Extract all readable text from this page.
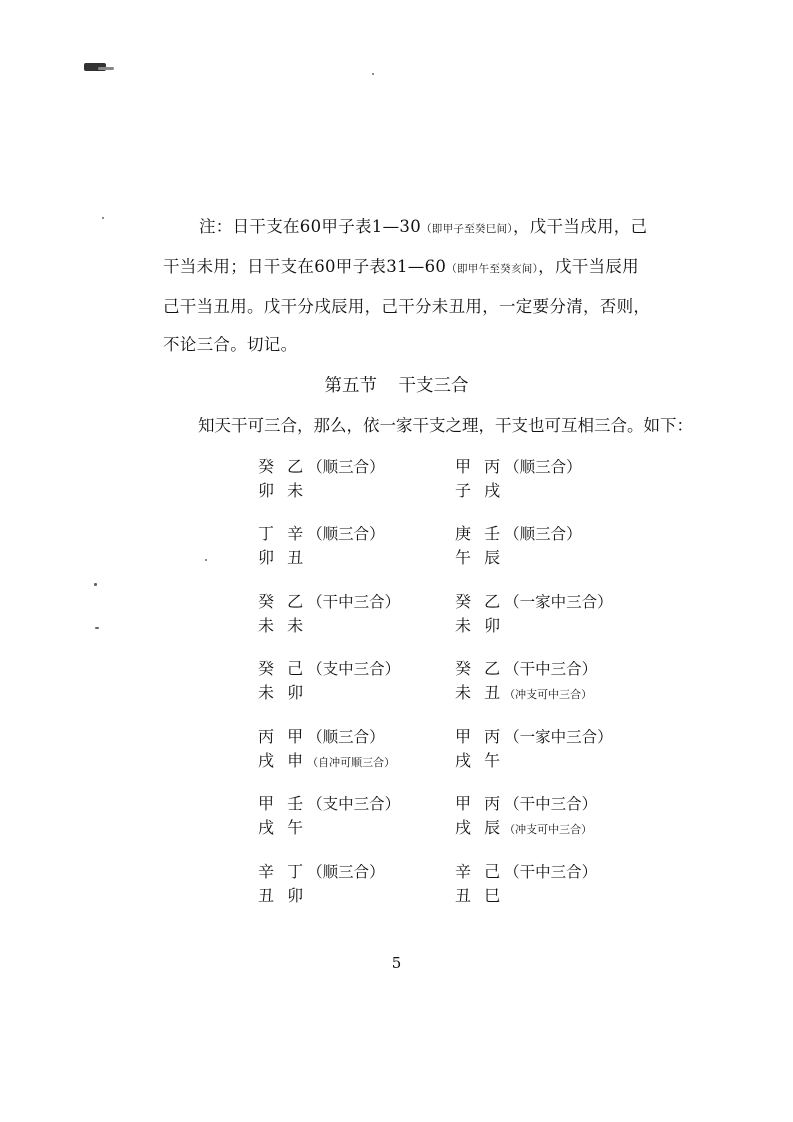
注：日干支在60甲子表1—30（即甲子至癸巳间），戊干当戌用，己
干当未用；日干支在60甲子表31—60（即甲午至癸亥间），戊干当辰用
己干当丑用。戊干分戌辰用，己干分未丑用，一定要分清，否则，
不论三合。切记。
第五节 干支三合
知天干可三合，那么，依一家干支之理，干支也可互相三合。如下：
癸 乙（顺三合）
卯 未
甲 丙（顺三合）
子 戌
丁 辛（顺三合）
卯 丑
庚 壬（顺三合）
午 辰
癸 乙（干中三合）
未 未
癸 乙（一家中三合）
未 卯
癸 己（支中三合）
未 卯
癸 乙（干中三合）
未 丑（冲支可中三合）
丙 甲（顺三合）
戌 申（自冲可顺三合）
甲 丙（一家中三合）
戌 午
甲 壬（支中三合）
戌 午
甲 丙（干中三合）
戌 辰（冲支可中三合）
辛 丁（顺三合）
丑 卯
辛 己（干中三合）
丑 巳
5
